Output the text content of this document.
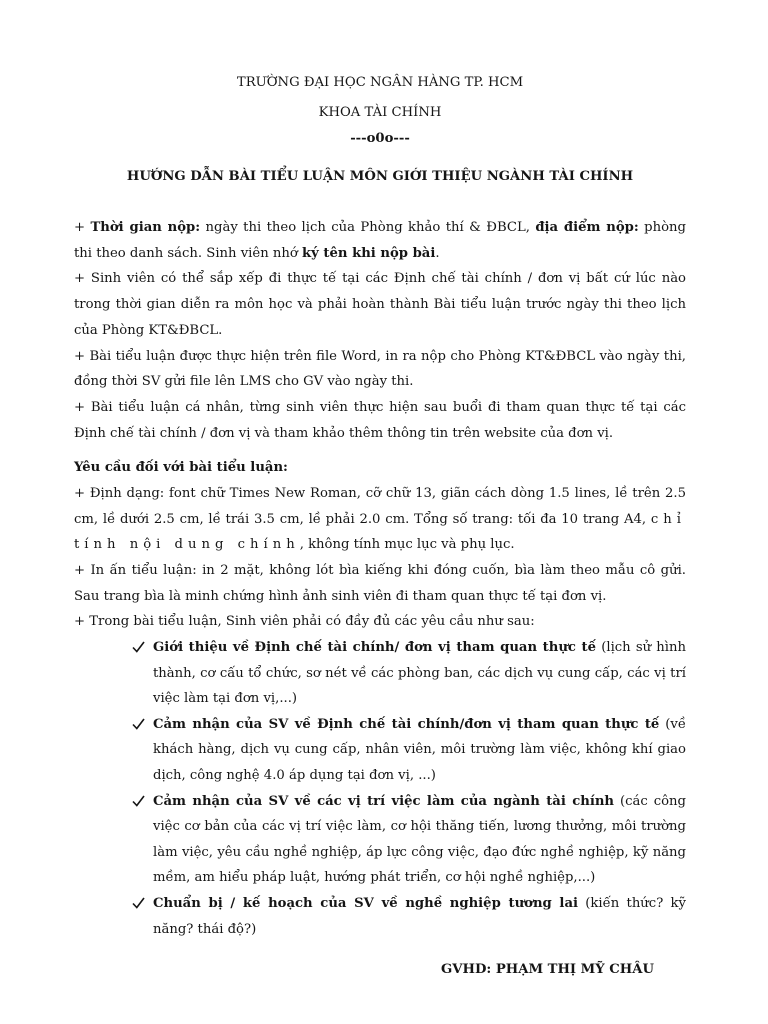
TRƯỜNG ĐẠI HỌC NGÂN HÀNG TP. HCM

KHOA TÀI CHÍNH

---o0o---

HƯỚNG DẪN BÀI TIỂU LUẬN MÔN GIỚI THIỆU NGÀNH TÀI CHÍNH

+ Thời gian nộp: ngày thi theo lịch của Phòng khảo thí & ĐBCL, địa điểm nộp: phòng thi theo danh sách. Sinh viên nhớ ký tên khi nộp bài.

+ Sinh viên có thể sắp xếp đi thực tế tại các Định chế tài chính / đơn vị bất cứ lúc nào trong thời gian diễn ra môn học và phải hoàn thành Bài tiểu luận trước ngày thi theo lịch của Phòng KT&ĐBCL.

+ Bài tiểu luận được thực hiện trên file Word, in ra nộp cho Phòng KT&ĐBCL vào ngày thi, đồng thời SV gửi file lên LMS cho GV vào ngày thi.

+ Bài tiểu luận cá nhân, từng sinh viên thực hiện sau buổi đi tham quan thực tế tại các Định chế tài chính / đơn vị và tham khảo thêm thông tin trên website của đơn vị.

Yêu cầu đối với bài tiểu luận:

+ Định dạng: font chữ Times New Roman, cỡ chữ 13, giãn cách dòng 1.5 lines, lề trên 2.5 cm, lề dưới 2.5 cm, lề trái 3.5 cm, lề phải 2.0 cm. Tổng số trang: tối đa 10 trang A4, chỉ tính nội dung chính, không tính mục lục và phụ lục.

+ In ấn tiểu luận: in 2 mặt, không lót bìa kiếng khi đóng cuốn, bìa làm theo mẫu cô gửi. Sau trang bìa là minh chứng hình ảnh sinh viên đi tham quan thực tế tại đơn vị.

+ Trong bài tiểu luận, Sinh viên phải có đầy đủ các yêu cầu như sau:

Giới thiệu về Định chế tài chính/ đơn vị tham quan thực tế (lịch sử hình thành, cơ cấu tổ chức, sơ nét về các phòng ban, các dịch vụ cung cấp, các vị trí việc làm tại đơn vị,...)
Cảm nhận của SV về Định chế tài chính/đơn vị tham quan thực tế (về khách hàng, dịch vụ cung cấp, nhân viên, môi trường làm việc, không khí giao dịch, công nghệ 4.0 áp dụng tại đơn vị, ...)
Cảm nhận của SV về các vị trí việc làm của ngành tài chính (các công việc cơ bản của các vị trí việc làm, cơ hội thăng tiến, lương thưởng, môi trường làm việc, yêu cầu nghề nghiệp, áp lực công việc, đạo đức nghề nghiệp, kỹ năng mềm, am hiểu pháp luật, hướng phát triển, cơ hội nghề nghiệp,...)
Chuẩn bị / kế hoạch của SV về nghề nghiệp tương lai (kiến thức? kỹ năng? thái độ?)

GVHD: PHẠM THỊ MỸ CHÂU
